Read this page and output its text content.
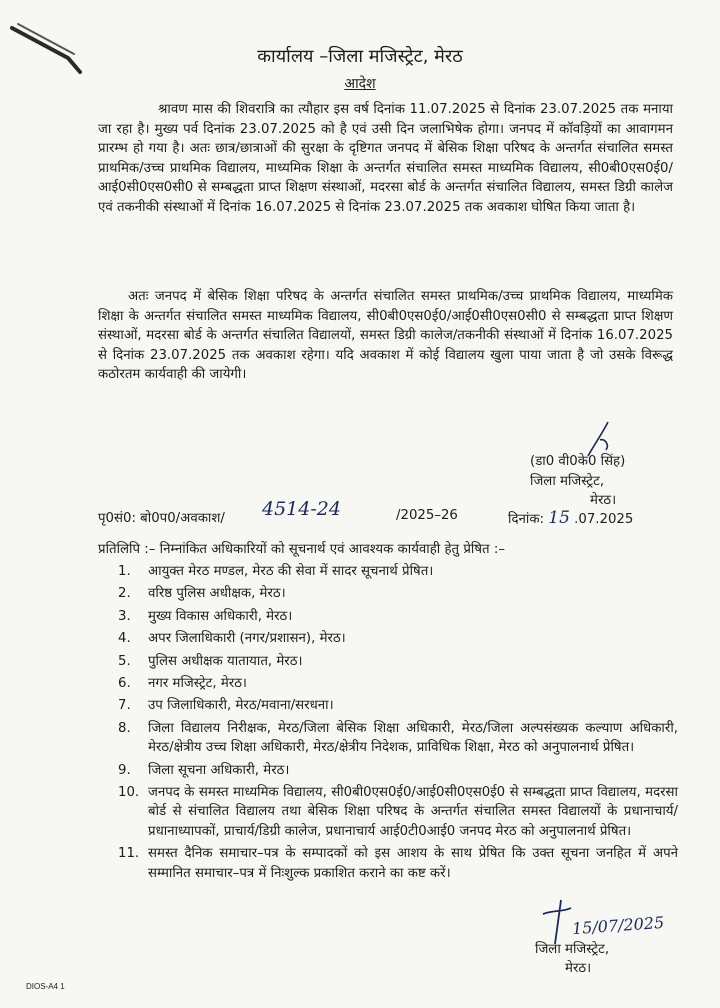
कार्यालय –जिला मजिस्ट्रेट, मेरठ
आदेश
श्रावण मास की शिवरात्रि का त्यौहार इस वर्ष दिनांक 11.07.2025 से दिनांक 23.07.2025 तक मनाया जा रहा है। मुख्य पर्व दिनांक 23.07.2025 को है एवं उसी दिन जलाभिषेक होगा। जनपद में कॉवड़ियों का आवागमन प्रारम्भ हो गया है। अतः छात्र/छात्राओं की सुरक्षा के दृष्टिगत जनपद में बेसिक शिक्षा परिषद के अन्तर्गत संचालित समस्त प्राथमिक/उच्च प्राथमिक विद्यालय, माध्यमिक शिक्षा के अन्तर्गत संचालित समस्त माध्यमिक विद्यालय, सी0बी0एस0ई0/आई0सी0एस0सी0 से सम्बद्धता प्राप्त शिक्षण संस्थाओं, मदरसा बोर्ड के अन्तर्गत संचालित विद्यालय, समस्त डिग्री कालेज एवं तकनीकी संस्थाओं में दिनांक 16.07.2025 से दिनांक 23.07.2025 तक अवकाश घोषित किया जाता है।
अतः जनपद में बेसिक शिक्षा परिषद के अन्तर्गत संचालित समस्त प्राथमिक/उच्च प्राथमिक विद्यालय, माध्यमिक शिक्षा के अन्तर्गत संचालित समस्त माध्यमिक विद्यालय, सी0बी0एस0ई0/आई0सी0एस0सी0 से सम्बद्धता प्राप्त शिक्षण संस्थाओं, मदरसा बोर्ड के अन्तर्गत संचालित विद्यालयों, समस्त डिग्री कालेज/तकनीकी संस्थाओं में दिनांक 16.07.2025 से दिनांक 23.07.2025 तक अवकाश रहेगा। यदि अवकाश में कोई विद्यालय खुला पाया जाता है जो उसके विरूद्ध कठोरतम कार्यवाही की जायेगी।
(डा0 वी0के0 सिंह)
जिला मजिस्ट्रेट,
मेरठ।
पृ0सं0: बो0प0/अवकाश/ 4514-24	/2025–26	दिनांक: 15 .07.2025
प्रतिलिपि :– निम्नांकित अधिकारियों को सूचनार्थ एवं आवश्यक कार्यवाही हेतु प्रेषित :–
1. आयुक्त मेरठ मण्डल, मेरठ की सेवा में सादर सूचनार्थ प्रेषित।
2. वरिष्ठ पुलिस अधीक्षक, मेरठ।
3. मुख्य विकास अधिकारी, मेरठ।
4. अपर जिलाधिकारी (नगर/प्रशासन), मेरठ।
5. पुलिस अधीक्षक यातायात, मेरठ।
6. नगर मजिस्ट्रेट, मेरठ।
7. उप जिलाधिकारी, मेरठ/मवाना/सरधना।
8. जिला विद्यालय निरीक्षक, मेरठ/जिला बेसिक शिक्षा अधिकारी, मेरठ/जिला अल्पसंख्यक कल्याण अधिकारी, मेरठ/क्षेत्रीय उच्च शिक्षा अधिकारी, मेरठ/क्षेत्रीय निदेशक, प्राविधिक शिक्षा, मेरठ को अनुपालनार्थ प्रेषित।
9. जिला सूचना अधिकारी, मेरठ।
10. जनपद के समस्त माध्यमिक विद्यालय, सी0बी0एस0ई0/आई0सी0एस0ई0 से सम्बद्धता प्राप्त विद्यालय, मदरसा बोर्ड से संचालित विद्यालय तथा बेसिक शिक्षा परिषद के अन्तर्गत संचालित समस्त विद्यालयों के प्रधानाचार्य/प्रधानाध्यापकों, प्राचार्य/डिग्री कालेज, प्रधानाचार्य आई0टी0आई0 जनपद मेरठ को अनुपालनार्थ प्रेषित।
11. समस्त दैनिक समाचार–पत्र के सम्पादकों को इस आशय के साथ प्रेषित कि उक्त सूचना जनहित में अपने सम्मानित समाचार–पत्र में निःशुल्क प्रकाशित कराने का कष्ट करें।
15/07/2025
जिला मजिस्ट्रेट,
मेरठ।
DIOS-A4 1
